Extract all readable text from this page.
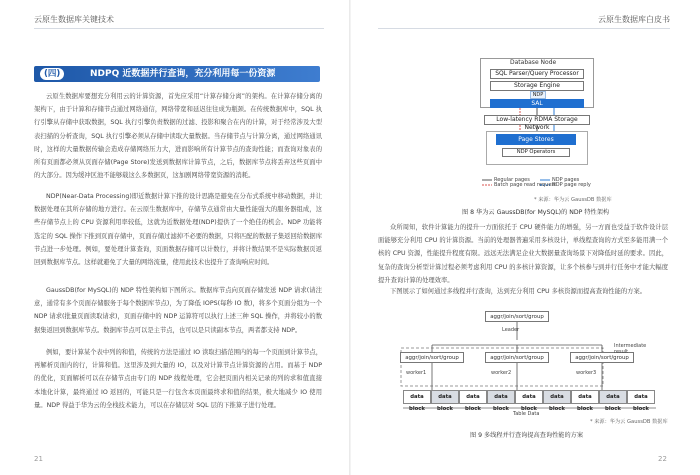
云原生数据库关键技术
(四)	NDPQ 近数据并行查询，充分利用每一份资源
云原生数据库要想充分利用云的计算资源，首先应采用“计算存储分离”的架构。在计算存储分离的架构下，由于计算和存储节点通过网络通信，网络带宽和延迟往往成为瓶颈。在传统数据库中，SQL 执行引擎从存储中获取数据，SQL 执行引擎负责数据的过滤、投影和聚合在内的计算，对于经常涉及大型表扫描的分析查询，SQL 执行引擎必须从存储中读取大量数据。当存储节点与计算分离，通过网络通讯时，这样的大量数据传输会造成存储网络压力大，进而影响所有计算节点的查询性能；而查询对象表的所有页面都必须从页面存储(Page Store)发送到数据库计算节点，之后，数据库节点将丢弃这些页面中的大部分。因为缓冲区池不能够载这么多数据页，这加剧网络带宽资源的消耗。
NDP(Near-Data Processing)即近数据计算下推的设计思路是避免在分布式系统中移动数据，并让数据处理在其所存储的地方进行。在云原生数据库中，存储节点通常由大量性能强大的服务器组成，这些存储节点上的 CPU 资源利用率较低，这就为近数据处理(NDP)提供了一个绝佳的机会。NDP 功能将选定的 SQL 操作下推到页面存储中，页面存储过滤掉不必要的数据，只将匹配的数据子集返回给数据库节点进一步处理。例如，要处理计算查询，页面数据存储可以计数行，并将计数结果不是实际数据页返回到数据库节点。这样就避免了大量的网络流量，使用此技术也提升了查询响应时间。
GaussDB(for MySQL)的 NDP 特性架构如下图所示。数据库节点向页面存储发送 NDP 请求(请注意，通常有多个页面存储服务于每个数据库节点)，为了降低 IOPS(每秒 IO 数)，将多个页面分组为一个 NDP 请求(批量页面读取请求)，页面存储中的 NDP 运算符可以执行上述三种 SQL 操作，并将较小的数据集返回到数据库节点。数据库节点可以是主节点，也可以是只读副本节点，两者都支持 NDP。
例如，要计算某个表中列的和值，传统的方法是通过 IO 读取扫描范围内的每一个页面到计算节点，再解析页面内的行，计算和值。这里涉及到大量的 IO，以及对计算节点计算资源的占用。而基于 NDP 的优化，页面解析可以在存储节点由专门的 NDP 线程处理，它会把页面内相关记录的列的求和值直接本地化计算，最终通过 IO 返回的，可能只是一行包含本页面最终求和值的结果，极大地减少 IO 使用量。NDP 得益于华为云的全栈技术能力，可以在存储层对 SQL 层的下推算子进行处理。
21
云原生数据库白皮书
Database Node
SQL Parser/Query Processor
Storage Engine
NDP
SAL
Low-latency RDMA Storage Network
Page Stores
NDP Operators
Regular pages
Batch page read request
NDP pages
NDP page reply
* 来源：华为云 GaussDB 数据库
图 8 华为云 GaussDB(for MySQL)的 NDP 特性架构
众所周知，软件计算能力的提升一方面依托于 CPU 硬件能力的增强，另一方面也受益于软件设计层面能够充分利用 CPU 的计算资源。当前的处理器普遍采用多核设计，单线程查询的方式至多能用满一个核的 CPU 资源，性能提升程度有限。远远无法满足企业大数据量查询场景下对降低时延的要求。因此，复杂的查询分析型计算过程必须考虑利用 CPU 的多核计算资源，让多个核参与到并行任务中才能大幅度提升查询计算的处理效率。
下图展示了如何通过多线程并行查询，达到充分利用 CPU 多核资源而提高查询性能的方案。
aggr/join/sort/group
Leader
aggr/join/sort/group	aggr/join/sort/group	aggr/join/sort/group
Intermediate result
worker1	worker2	worker3
data block
data block
data block
data block
data block
data block
data block
data block
data block
Table Data
* 来源：华为云 GaussDB 数据库
图 9 多线程并行查询提高查询性能的方案
22
